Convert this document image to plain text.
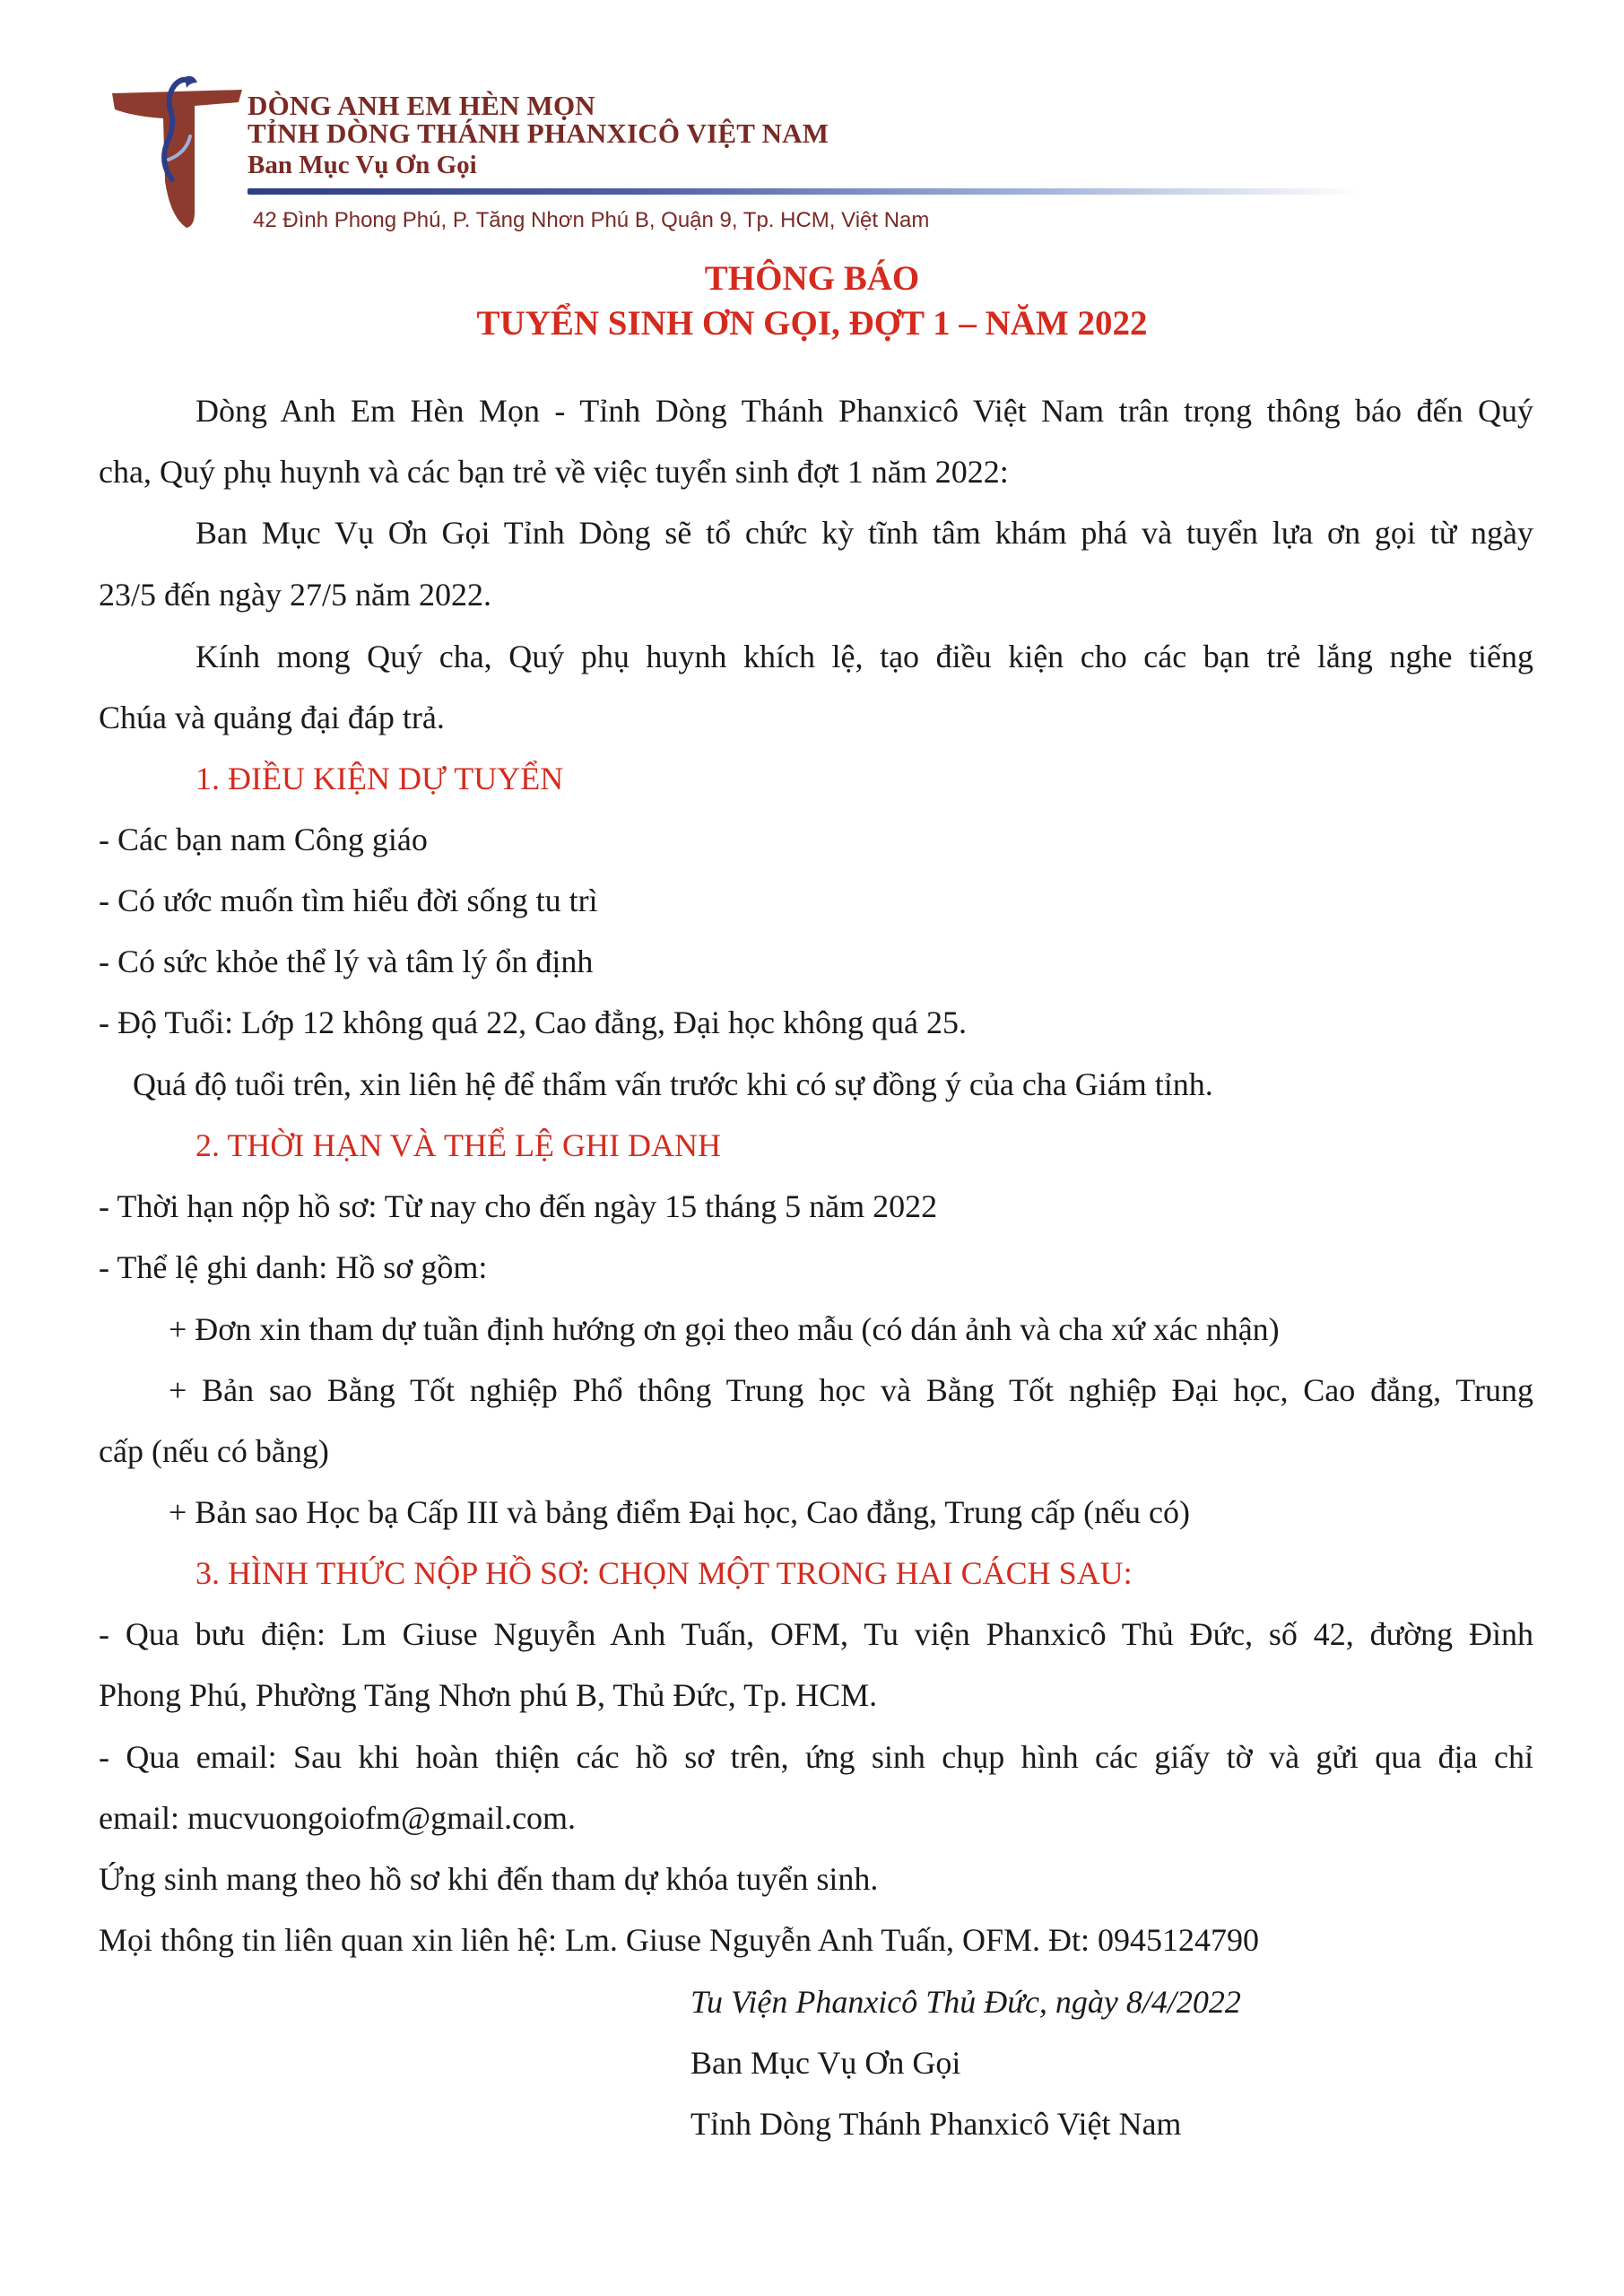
DÒNG ANH EM HÈN MỌN
TỈNH DÒNG THÁNH PHANXICÔ VIỆT NAM
Ban Mục Vụ Ơn Gọi
42 Đình Phong Phú, P. Tăng Nhơn Phú B, Quận 9, Tp. HCM, Việt Nam
THÔNG BÁO
TUYỂN SINH ƠN GỌI, ĐỢT 1 – NĂM 2022
Dòng Anh Em Hèn Mọn - Tỉnh Dòng Thánh Phanxicô Việt Nam trân trọng thông báo đến Quý
cha, Quý phụ huynh và các bạn trẻ về việc tuyển sinh đợt 1 năm 2022:
Ban Mục Vụ Ơn Gọi Tỉnh Dòng sẽ tổ chức kỳ tĩnh tâm khám phá và tuyển lựa ơn gọi từ ngày
23/5 đến ngày 27/5 năm 2022.
Kính mong Quý cha, Quý phụ huynh khích lệ, tạo điều kiện cho các bạn trẻ lắng nghe tiếng
Chúa và quảng đại đáp trả.
1. ĐIỀU KIỆN DỰ TUYỂN
- Các bạn nam Công giáo
- Có ước muốn tìm hiểu đời sống tu trì
- Có sức khỏe thể lý và tâm lý ổn định
- Độ Tuổi: Lớp 12 không quá 22, Cao đẳng, Đại học không quá 25.
Quá độ tuổi trên, xin liên hệ để thẩm vấn trước khi có sự đồng ý của cha Giám tỉnh.
2. THỜI HẠN VÀ THỂ LỆ GHI DANH
- Thời hạn nộp hồ sơ: Từ nay cho đến ngày 15 tháng 5 năm 2022
- Thể lệ ghi danh: Hồ sơ gồm:
+ Đơn xin tham dự tuần định hướng ơn gọi theo mẫu (có dán ảnh và cha xứ xác nhận)
+ Bản sao Bằng Tốt nghiệp Phổ thông Trung học và Bằng Tốt nghiệp Đại học, Cao đẳng, Trung
cấp (nếu có bằng)
+ Bản sao Học bạ Cấp III và bảng điểm Đại học, Cao đẳng, Trung cấp (nếu có)
3. HÌNH THỨC NỘP HỒ SƠ: CHỌN MỘT TRONG HAI CÁCH SAU:
- Qua bưu điện: Lm Giuse Nguyễn Anh Tuấn, OFM, Tu viện Phanxicô Thủ Đức, số 42, đường Đình
Phong Phú, Phường Tăng Nhơn phú B, Thủ Đức, Tp. HCM.
- Qua email: Sau khi hoàn thiện các hồ sơ trên, ứng sinh chụp hình các giấy tờ và gửi qua địa chỉ
email: mucvuongoiofm@gmail.com.
Ứng sinh mang theo hồ sơ khi đến tham dự khóa tuyển sinh.
Mọi thông tin liên quan xin liên hệ: Lm. Giuse Nguyễn Anh Tuấn, OFM. Đt: 0945124790
Tu Viện Phanxicô Thủ Đức, ngày 8/4/2022
Ban Mục Vụ Ơn Gọi
Tỉnh Dòng Thánh Phanxicô Việt Nam
